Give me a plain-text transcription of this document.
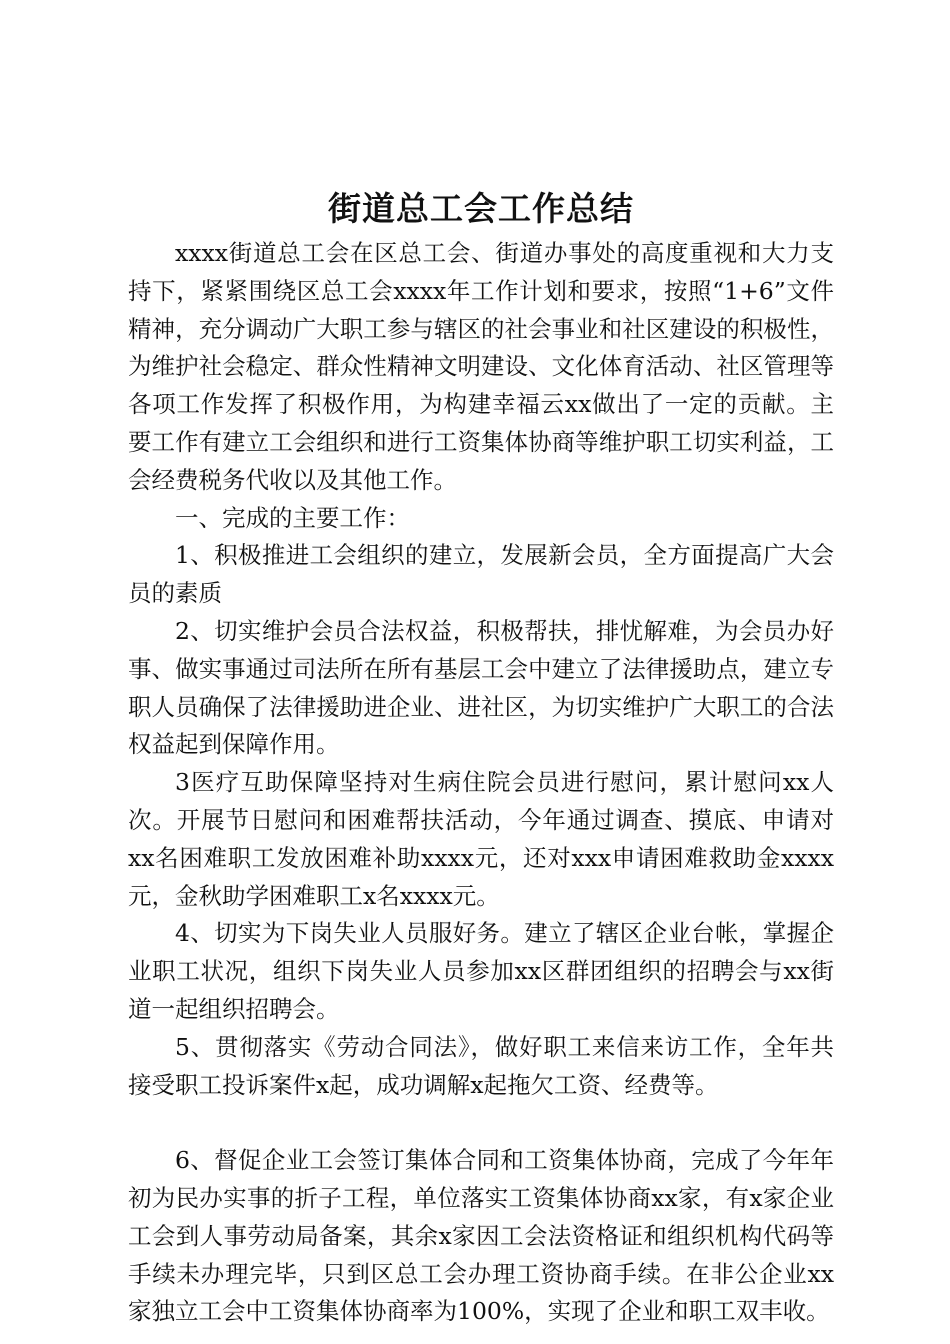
街道总工会工作总结

xxxx街道总工会在区总工会、街道办事处的高度重视和大力支持下，紧紧围绕区总工会xxxx年工作计划和要求，按照“1+6”文件精神，充分调动广大职工参与辖区的社会事业和社区建设的积极性，为维护社会稳定、群众性精神文明建设、文化体育活动、社区管理等各项工作发挥了积极作用，为构建幸福云xx做出了一定的贡献。主要工作有建立工会组织和进行工资集体协商等维护职工切实利益，工会经费税务代收以及其他工作。

一、完成的主要工作：

1、积极推进工会组织的建立，发展新会员，全方面提高广大会员的素质

2、切实维护会员合法权益，积极帮扶，排忧解难，为会员办好事、做实事通过司法所在所有基层工会中建立了法律援助点，建立专职人员确保了法律援助进企业、进社区，为切实维护广大职工的合法权益起到保障作用。

3医疗互助保障坚持对生病住院会员进行慰问，累计慰问xx人次。开展节日慰问和困难帮扶活动，今年通过调查、摸底、申请对xx名困难职工发放困难补助xxxx元，还对xxx申请困难救助金xxxx元，金秋助学困难职工x名xxxx元。

4、切实为下岗失业人员服好务。建立了辖区企业台帐，掌握企业职工状况，组织下岗失业人员参加xx区群团组织的招聘会与xx街道一起组织招聘会。

5、贯彻落实《劳动合同法》，做好职工来信来访工作，全年共接受职工投诉案件x起，成功调解x起拖欠工资、经费等。

6、督促企业工会签订集体合同和工资集体协商，完成了今年年初为民办实事的折子工程，单位落实工资集体协商xx家，有x家企业工会到人事劳动局备案，其余x家因工会法资格证和组织机构代码等手续未办理完毕，只到区总工会办理工资协商手续。在非公企业xx家独立工会中工资集体协商率为100%，实现了企业和职工双丰收。
